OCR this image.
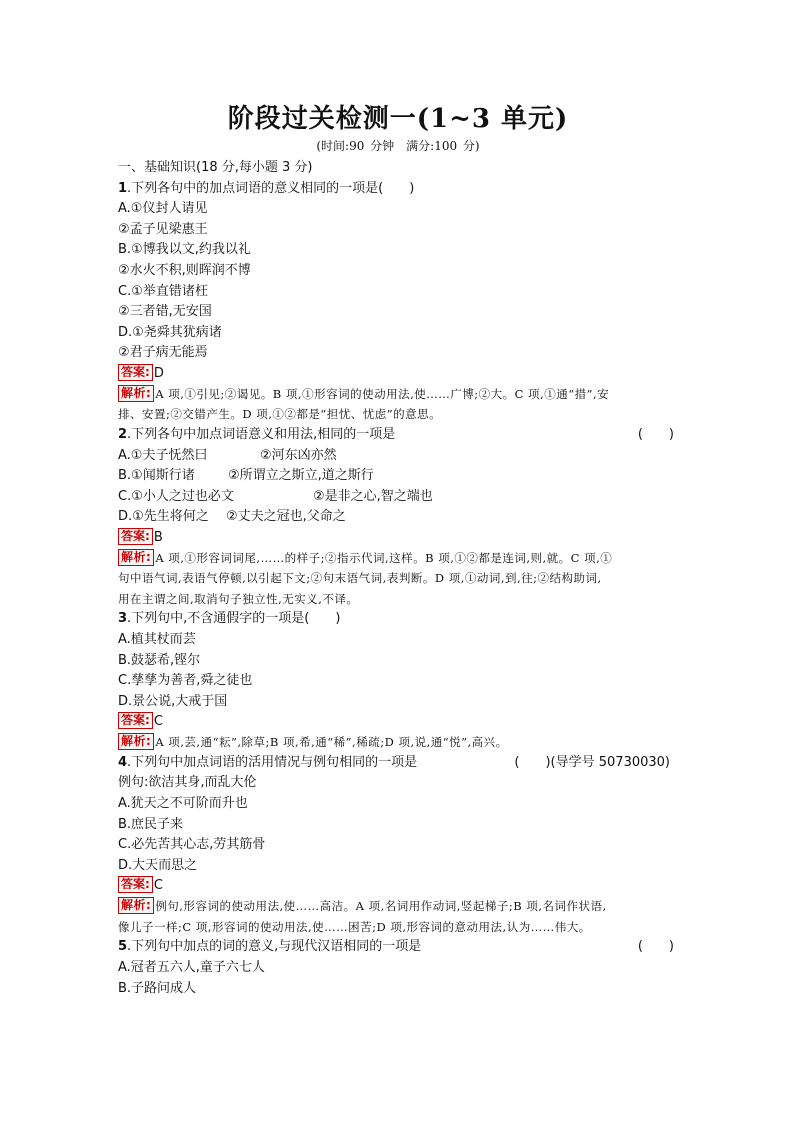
阶段过关检测一(1~3 单元)
(时间:90 分钟　满分:100 分)
一、基础知识(18 分,每小题 3 分)
1.下列各句中的加点词语的意义相同的一项是(　　)
A.①仪封人请见
②孟子见梁惠王
B.①博我以文,约我以礼
②水火不积,则晖润不博
C.①举直错诸枉
②三者错,无安国
D.①尧舜其犹病诸
②君子病无能焉
答案: D
解析: A 项,①引见;②谒见。B 项,①形容词的使动用法,使……广博;②大。C 项,①通“措”,安
排、安置;②交错产生。D 项,①②都是“担忧、忧虑”的意思。
2.下列各句中加点词语意义和用法,相同的一项是	(　　)
A.①夫子怃然曰	②河东凶亦然
B.①闻斯行诸	②所谓立之斯立,道之斯行
C.①小人之过也必文	②是非之心,智之端也
D.①先生将何之 ②丈夫之冠也,父命之
答案: B
解析: A 项,①形容词词尾,……的样子;②指示代词,这样。B 项,①②都是连词,则,就。C 项,①
句中语气词,表语气停顿,以引起下文;②句末语气词,表判断。D 项,①动词,到,往;②结构助词,
用在主谓之间,取消句子独立性,无实义,不译。
3.下列句中,不含通假字的一项是(　　)
A.植其杖而芸
B.鼓瑟希,铿尔
C.孳孳为善者,舜之徒也
D.景公说,大戒于国
答案: C
解析: A 项,芸,通“耘”,除草;B 项,希,通“稀”,稀疏;D 项,说,通“悦”,高兴。
4.下列句中加点词语的活用情况与例句相同的一项是	(　　)(导学号 50730030)
例句:欲洁其身,而乱大伦
A.犹天之不可阶而升也
B.庶民子来
C.必先苦其心志,劳其筋骨
D.大天而思之
答案: C
解析: 例句,形容词的使动用法,使……高洁。A 项,名词用作动词,竖起梯子;B 项,名词作状语,
像儿子一样;C 项,形容词的使动用法,使……困苦;D 项,形容词的意动用法,认为……伟大。
5.下列句中加点的词的意义,与现代汉语相同的一项是	(　　)
A.冠者五六人,童子六七人
B.子路问成人
